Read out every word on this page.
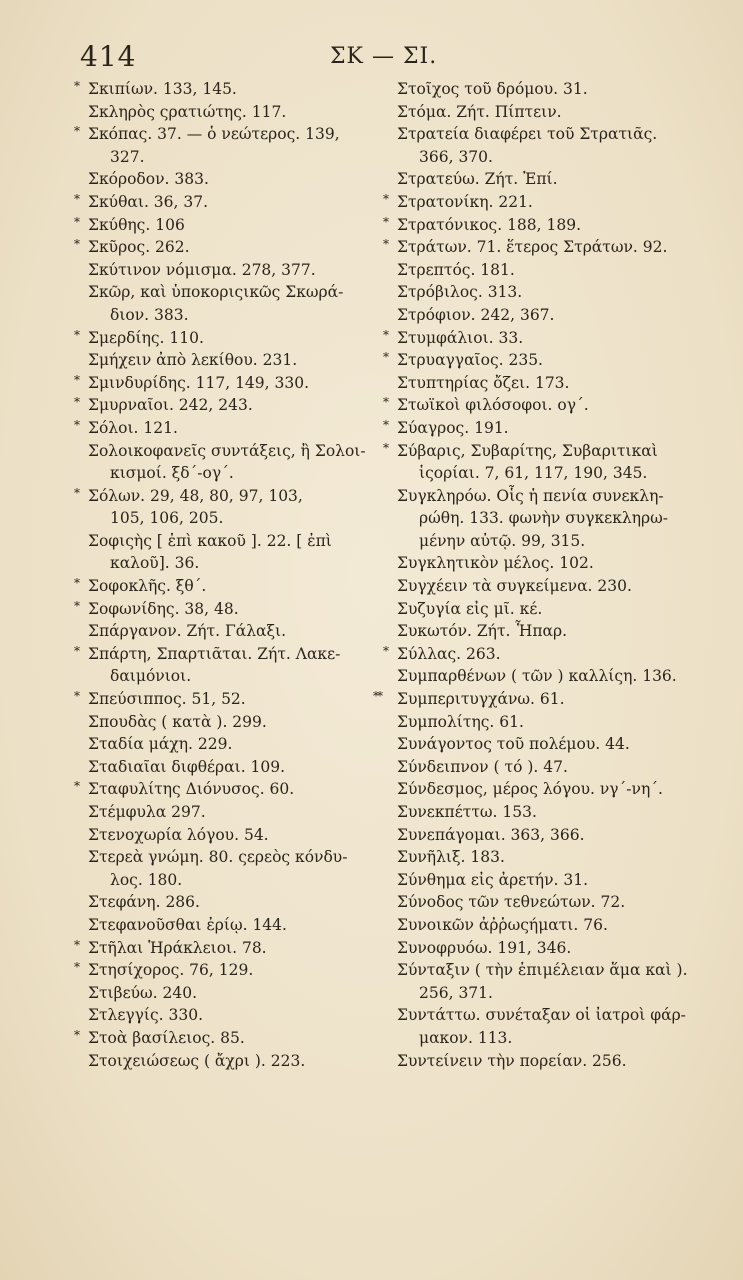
414	ΣΚ — ΣΙ.
* Σκιπίων. 133, 145.
Σκληρὸς ςρατιώτης. 117.
* Σκόπας. 37. — ὁ νεώτερος. 139,
327.
Σκόροδον. 383.
* Σκύθαι. 36, 37.
* Σκύθης. 106
* Σκῦρος. 262.
Σκύτινον νόμισμα. 278, 377.
Σκῶρ, καὶ ὑποκοριςικῶς Σκωρά-
διον. 383.
* Σμερδίης. 110.
Σμήχειν ἀπὸ λεκίθου. 231.
* Σμινδυρίδης. 117, 149, 330.
* Σμυρναῖοι. 242, 243.
* Σόλοι. 121.
Σολοικοφανεῖς συντάξεις, ἢ Σολοι-
κισμοί. ξδ´-ογ´.
* Σόλων. 29, 48, 80, 97, 103,
105, 106, 205.
Σοφιςὴς [ ἐπὶ κακοῦ ]. 22. [ ἐπὶ
καλοῦ]. 36.
* Σοφοκλῆς. ξθ´.
* Σοφωνίδης. 38, 48.
Σπάργανον. Ζήτ. Γάλαξι.
* Σπάρτη, Σπαρτιᾶται. Ζήτ. Λακε-
δαιμόνιοι.
* Σπεύσιππος. 51, 52.
Σπουδὰς ( κατὰ ). 299.
Σταδία μάχη. 229.
Σταδιαῖαι διφθέραι. 109.
* Σταφυλίτης Διόνυσος. 60.
Στέμφυλα 297.
Στενοχωρία λόγου. 54.
Στερεὰ γνώμη. 80. ςερεὸς κόνδυ-
λος. 180.
Στεφάνη. 286.
Στεφανοῦσθαι ἐρίῳ. 144.
* Στῆλαι Ἡράκλειοι. 78.
* Στησίχορος. 76, 129.
Στιβεύω. 240.
Στλεγγίς. 330.
* Στοὰ βασίλειος. 85.
Στοιχειώσεως ( ἄχρι ). 223.
Στοῖχος τοῦ δρόμου. 31.
Στόμα. Ζήτ. Πίπτειν.
Στρατεία διαφέρει τοῦ Στρατιᾶς.
366, 370.
Στρατεύω. Ζήτ. Ἐπί.
* Στρατονίκη. 221.
* Στρατόνικος. 188, 189.
* Στράτων. 71. ἕτερος Στράτων. 92.
Στρεπτός. 181.
Στρόβιλος. 313.
Στρόφιον. 242, 367.
* Στυμφάλιοι. 33.
* Στρυαγγαῖος. 235.
Στυπτηρίας ὄζει. 173.
* Στωϊκοὶ φιλόσοφοι. ογ´.
* Σύαγρος. 191.
* Σύβαρις, Συβαρίτης, Συβαριτικαὶ
ἱςορίαι. 7, 61, 117, 190, 345.
Συγκληρόω. Οἷς ἡ πενία συνεκλη-
ρώθη. 133. φωνὴν συγκεκληρω-
μένην αὐτῷ. 99, 315.
Συγκλητικὸν μέλος. 102.
Συγχέειν τὰ συγκείμενα. 230.
Συζυγία εἰς μῖ. κέ.
Συκωτόν. Ζήτ. Ἧπαρ.
* Σύλλας. 263.
Συμπαρθένων ( τῶν ) καλλίςη. 136.
** Συμπεριτυγχάνω. 61.
Συμπολίτης. 61.
Συνάγοντος τοῦ πολέμου. 44.
Σύνδειπνον ( τό ). 47.
Σύνδεσμος, μέρος λόγου. νγ´-νη´.
Συνεκπέττω. 153.
Συνεπάγομαι. 363, 366.
Συνῆλιξ. 183.
Σύνθημα εἰς ἀρετήν. 31.
Σύνοδος τῶν τεθνεώτων. 72.
Συνοικῶν ἀῤῥωςήματι. 76.
Συνοφρυόω. 191, 346.
Σύνταξιν ( τὴν ἐπιμέλειαν ἅμα καὶ ).
256, 371.
Συντάττω. συνέταξαν οἱ ἰατροὶ φάρ-
μακον. 113.
Συντείνειν τὴν πορείαν. 256.
